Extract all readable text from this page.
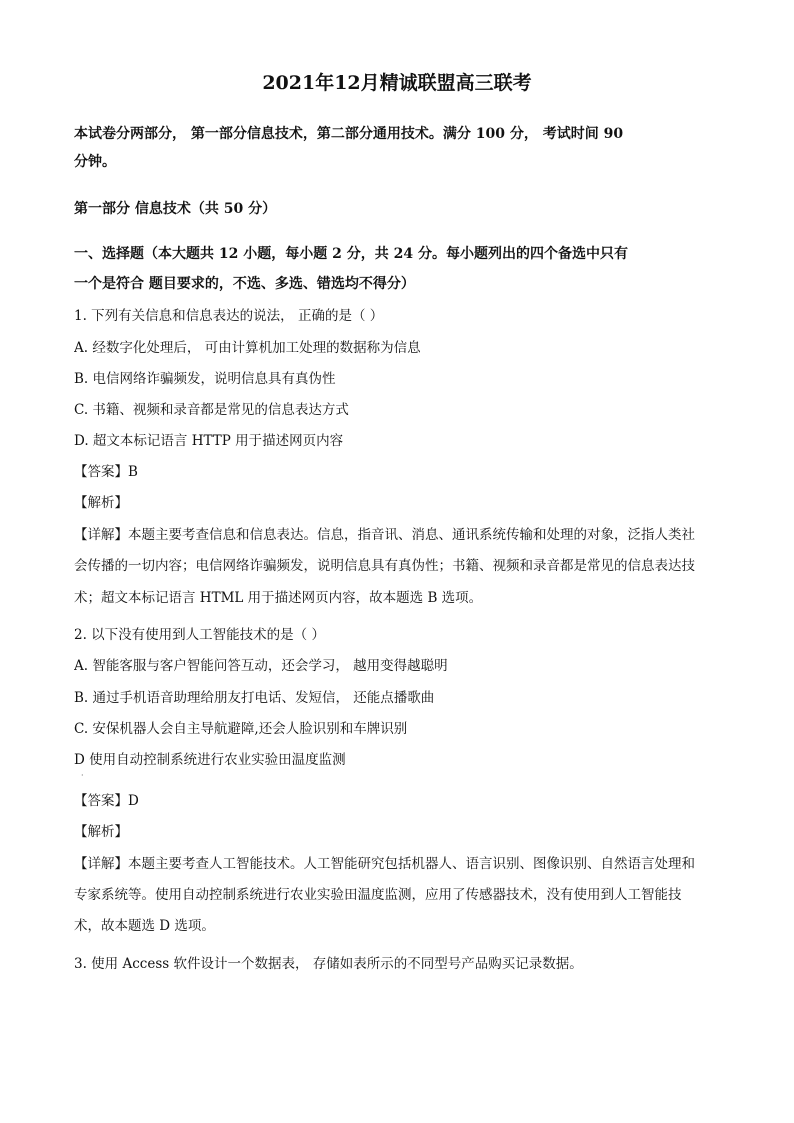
2021年12月精诚联盟高三联考
本试卷分两部分， 第一部分信息技术，第二部分通用技术。满分 100 分， 考试时间 90
分钟。
第一部分 信息技术（共 50 分）
一、选择题（本大题共 12 小题，每小题 2 分，共 24 分。每小题列出的四个备选中只有
一个是符合 题目要求的，不选、多选、错选均不得分）
1. 下列有关信息和信息表达的说法， 正确的是（ ）
A. 经数字化处理后， 可由计算机加工处理的数据称为信息
B. 电信网络诈骗频发，说明信息具有真伪性
C. 书籍、视频和录音都是常见的信息表达方式
D. 超文本标记语言 HTTP 用于描述网页内容
【答案】B
【解析】
【详解】本题主要考查信息和信息表达。信息，指音讯、消息、通讯系统传输和处理的对象，泛指人类社
会传播的一切内容；电信网络诈骗频发，说明信息具有真伪性；书籍、视频和录音都是常见的信息表达技
术；超文本标记语言 HTML 用于描述网页内容，故本题选 B 选项。
2. 以下没有使用到人工智能技术的是（ ）
A. 智能客服与客户智能问答互动，还会学习， 越用变得越聪明
B. 通过手机语音助理给朋友打电话、发短信， 还能点播歌曲
C. 安保机器人会自主导航避障,还会人脸识别和车牌识别
D 使用自动控制系统进行农业实验田温度监测
·
【答案】D
【解析】
【详解】本题主要考查人工智能技术。人工智能研究包括机器人、语言识别、图像识别、自然语言处理和
专家系统等。使用自动控制系统进行农业实验田温度监测，应用了传感器技术，没有使用到人工智能技
术，故本题选 D 选项。
3. 使用 Access 软件设计一个数据表， 存储如表所示的不同型号产品购买记录数据。
